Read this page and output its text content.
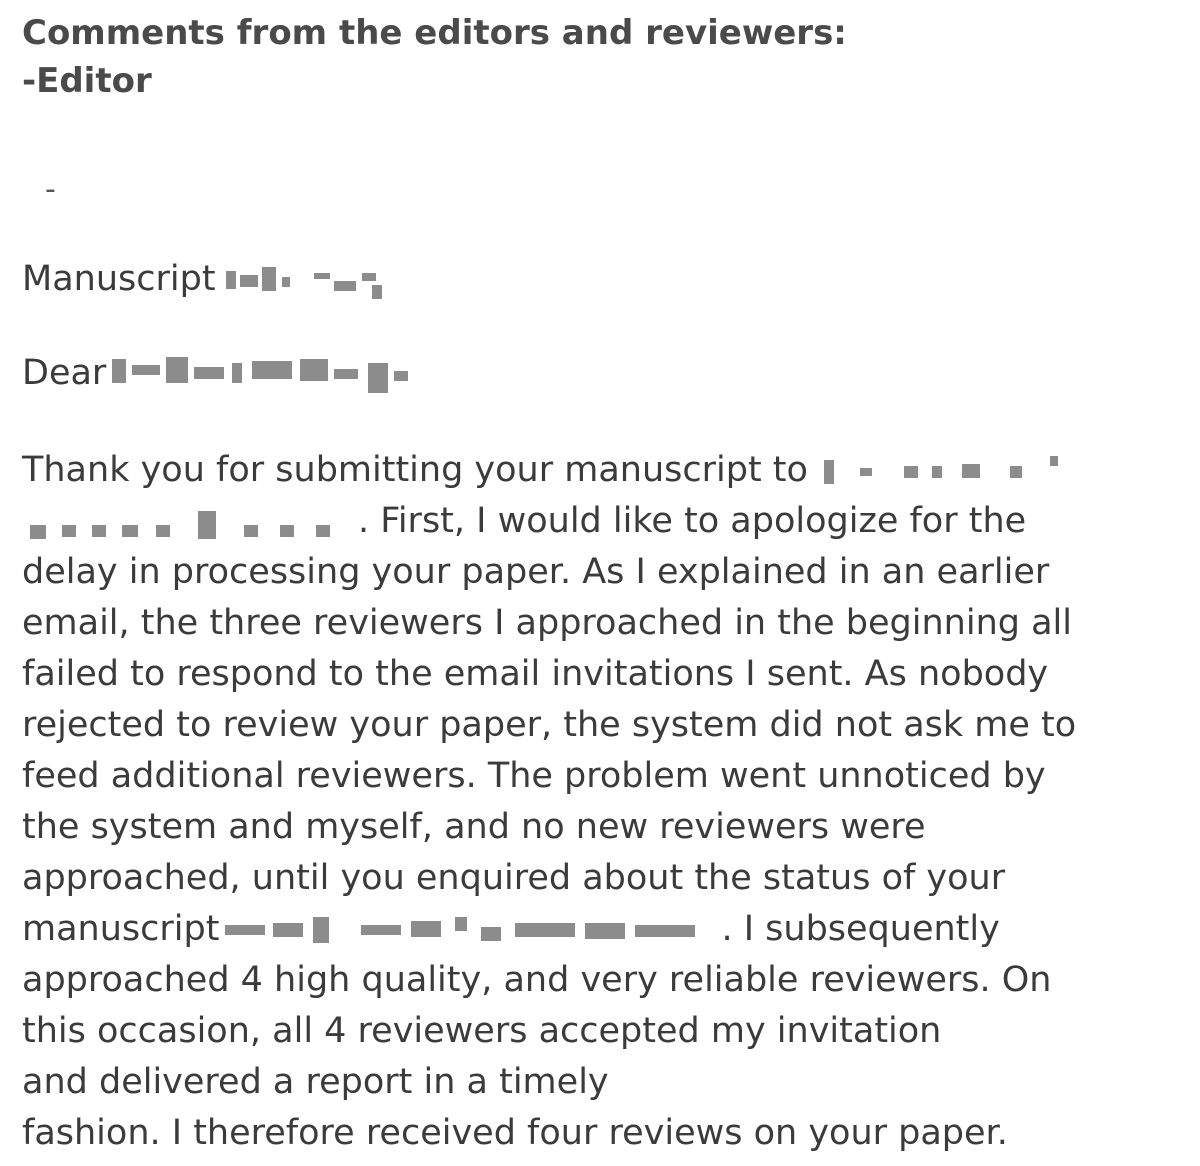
Comments from the editors and reviewers:
-Editor
-
Manuscript
Dear
Thank you for submitting your manuscript to
. First, I would like to apologize for the
delay in processing your paper. As I explained in an earlier
email, the three reviewers I approached in the beginning all
failed to respond to the email invitations I sent. As nobody
rejected to review your paper, the system did not ask me to
feed additional reviewers. The problem went unnoticed by
the system and myself, and no new reviewers were
approached, until you enquired about the status of your
manuscript	. I subsequently
approached 4 high quality, and very reliable reviewers. On
this occasion, all 4 reviewers accepted my invitation
and delivered a report in a timely
fashion. I therefore received four reviews on your paper.
